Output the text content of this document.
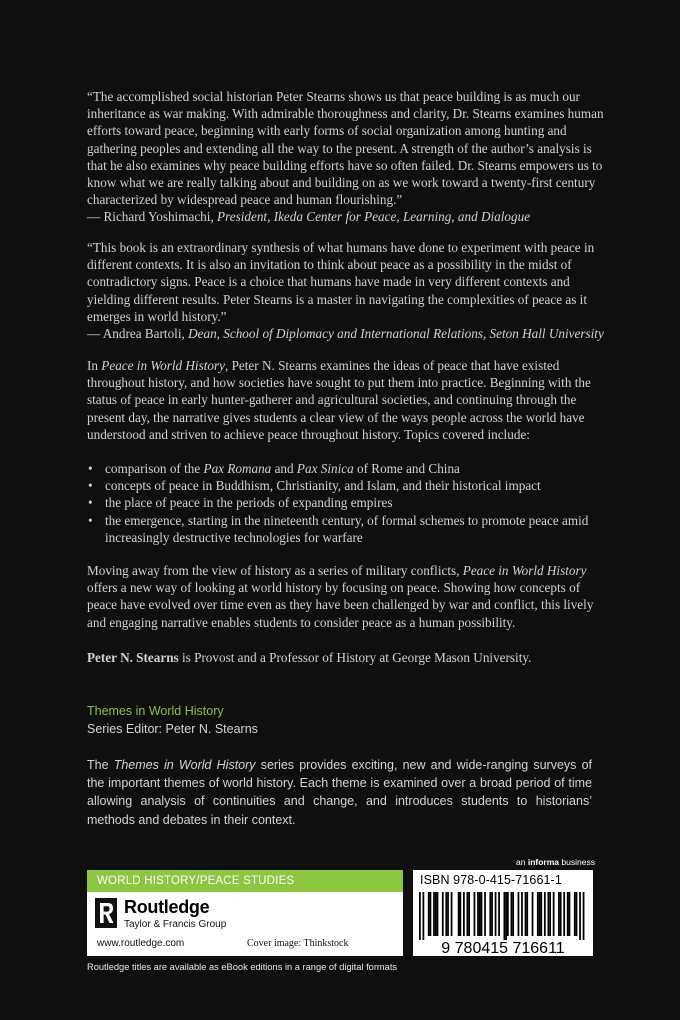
“The accomplished social historian Peter Stearns shows us that peace building is as much our inheritance as war making. With admirable thoroughness and clarity, Dr. Stearns examines human efforts toward peace, beginning with early forms of social organization among hunting and gathering peoples and extending all the way to the present. A strength of the author’s analysis is that he also examines why peace building efforts have so often failed. Dr. Stearns empowers us to know what we are really talking about and building on as we work toward a twenty-first century characterized by widespread peace and human flourishing.”

— Richard Yoshimachi, President, Ikeda Center for Peace, Learning, and Dialogue

“This book is an extraordinary synthesis of what humans have done to experiment with peace in different contexts. It is also an invitation to think about peace as a possibility in the midst of contradictory signs. Peace is a choice that humans have made in very different contexts and yielding different results. Peter Stearns is a master in navigating the complexities of peace as it emerges in world history.”

— Andrea Bartoli, Dean, School of Diplomacy and International Relations, Seton Hall University

In Peace in World History, Peter N. Stearns examines the ideas of peace that have existed throughout history, and how societies have sought to put them into practice. Beginning with the status of peace in early hunter-gatherer and agricultural societies, and continuing through the present day, the narrative gives students a clear view of the ways people across the world have understood and striven to achieve peace throughout history. Topics covered include:

• comparison of the Pax Romana and Pax Sinica of Rome and China
• concepts of peace in Buddhism, Christianity, and Islam, and their historical impact
• the place of peace in the periods of expanding empires
• the emergence, starting in the nineteenth century, of formal schemes to promote peace amid increasingly destructive technologies for warfare

Moving away from the view of history as a series of military conflicts, Peace in World History offers a new way of looking at world history by focusing on peace. Showing how concepts of peace have evolved over time even as they have been challenged by war and conflict, this lively and engaging narrative enables students to consider peace as a human possibility.

Peter N. Stearns is Provost and a Professor of History at George Mason University.

Themes in World History
Series Editor: Peter N. Stearns
The Themes in World History series provides exciting, new and wide-ranging surveys of the important themes of world history. Each theme is examined over a broad period of time allowing analysis of continuities and change, and introduces students to historians’ methods and debates in their context.
an informa business
WORLD HISTORY/PEACE STUDIES
Routledge
Taylor & Francis Group
www.routledge.com	Cover image: Thinkstock
ISBN 978-0-415-71661-1
9 780415 716611
Routledge titles are available as eBook editions in a range of digital formats
